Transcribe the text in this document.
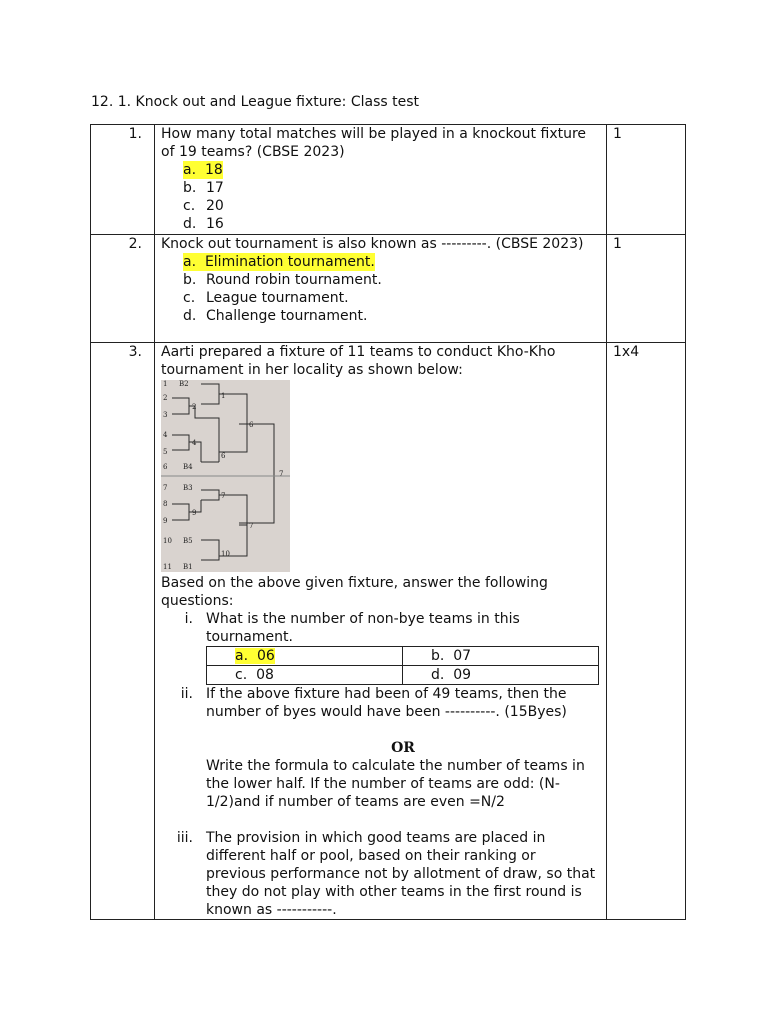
12. 1. Knock out and League fixture: Class test
1.	How many total matches will be played in a knockout fixture of 19 teams? (CBSE 2023)
a. 18
b. 17
c. 20
d. 16
	1
2.	Knock out tournament is also known as ---------. (CBSE 2023)
a. Elimination tournament.
b. Round robin tournament.
c. League tournament.
d. Challenge tournament.
	1
3.	Aarti prepared a fixture of 11 teams to conduct Kho-Kho tournament in her locality as shown below:
1 B2
2
3
2
1
4
5
4
6 B4
6
6
7 B3
8
9
7
9
10 B5
11 B1
7
10
7
Based on the above given fixture, answer the following questions:
i. What is the number of non-bye teams in this tournament.
a. 06	b. 07
c. 08	d. 09
ii. If the above fixture had been of 49 teams, then the number of byes would have been ----------. (15Byes)
OR
Write the formula to calculate the number of teams in the lower half. If the number of teams are odd: (N-1/2)and if number of teams are even =N/2
iii. The provision in which good teams are placed in different half or pool, based on their ranking or previous performance not by allotment of draw, so that they do not play with other teams in the first round is known as -----------.
	1x4
